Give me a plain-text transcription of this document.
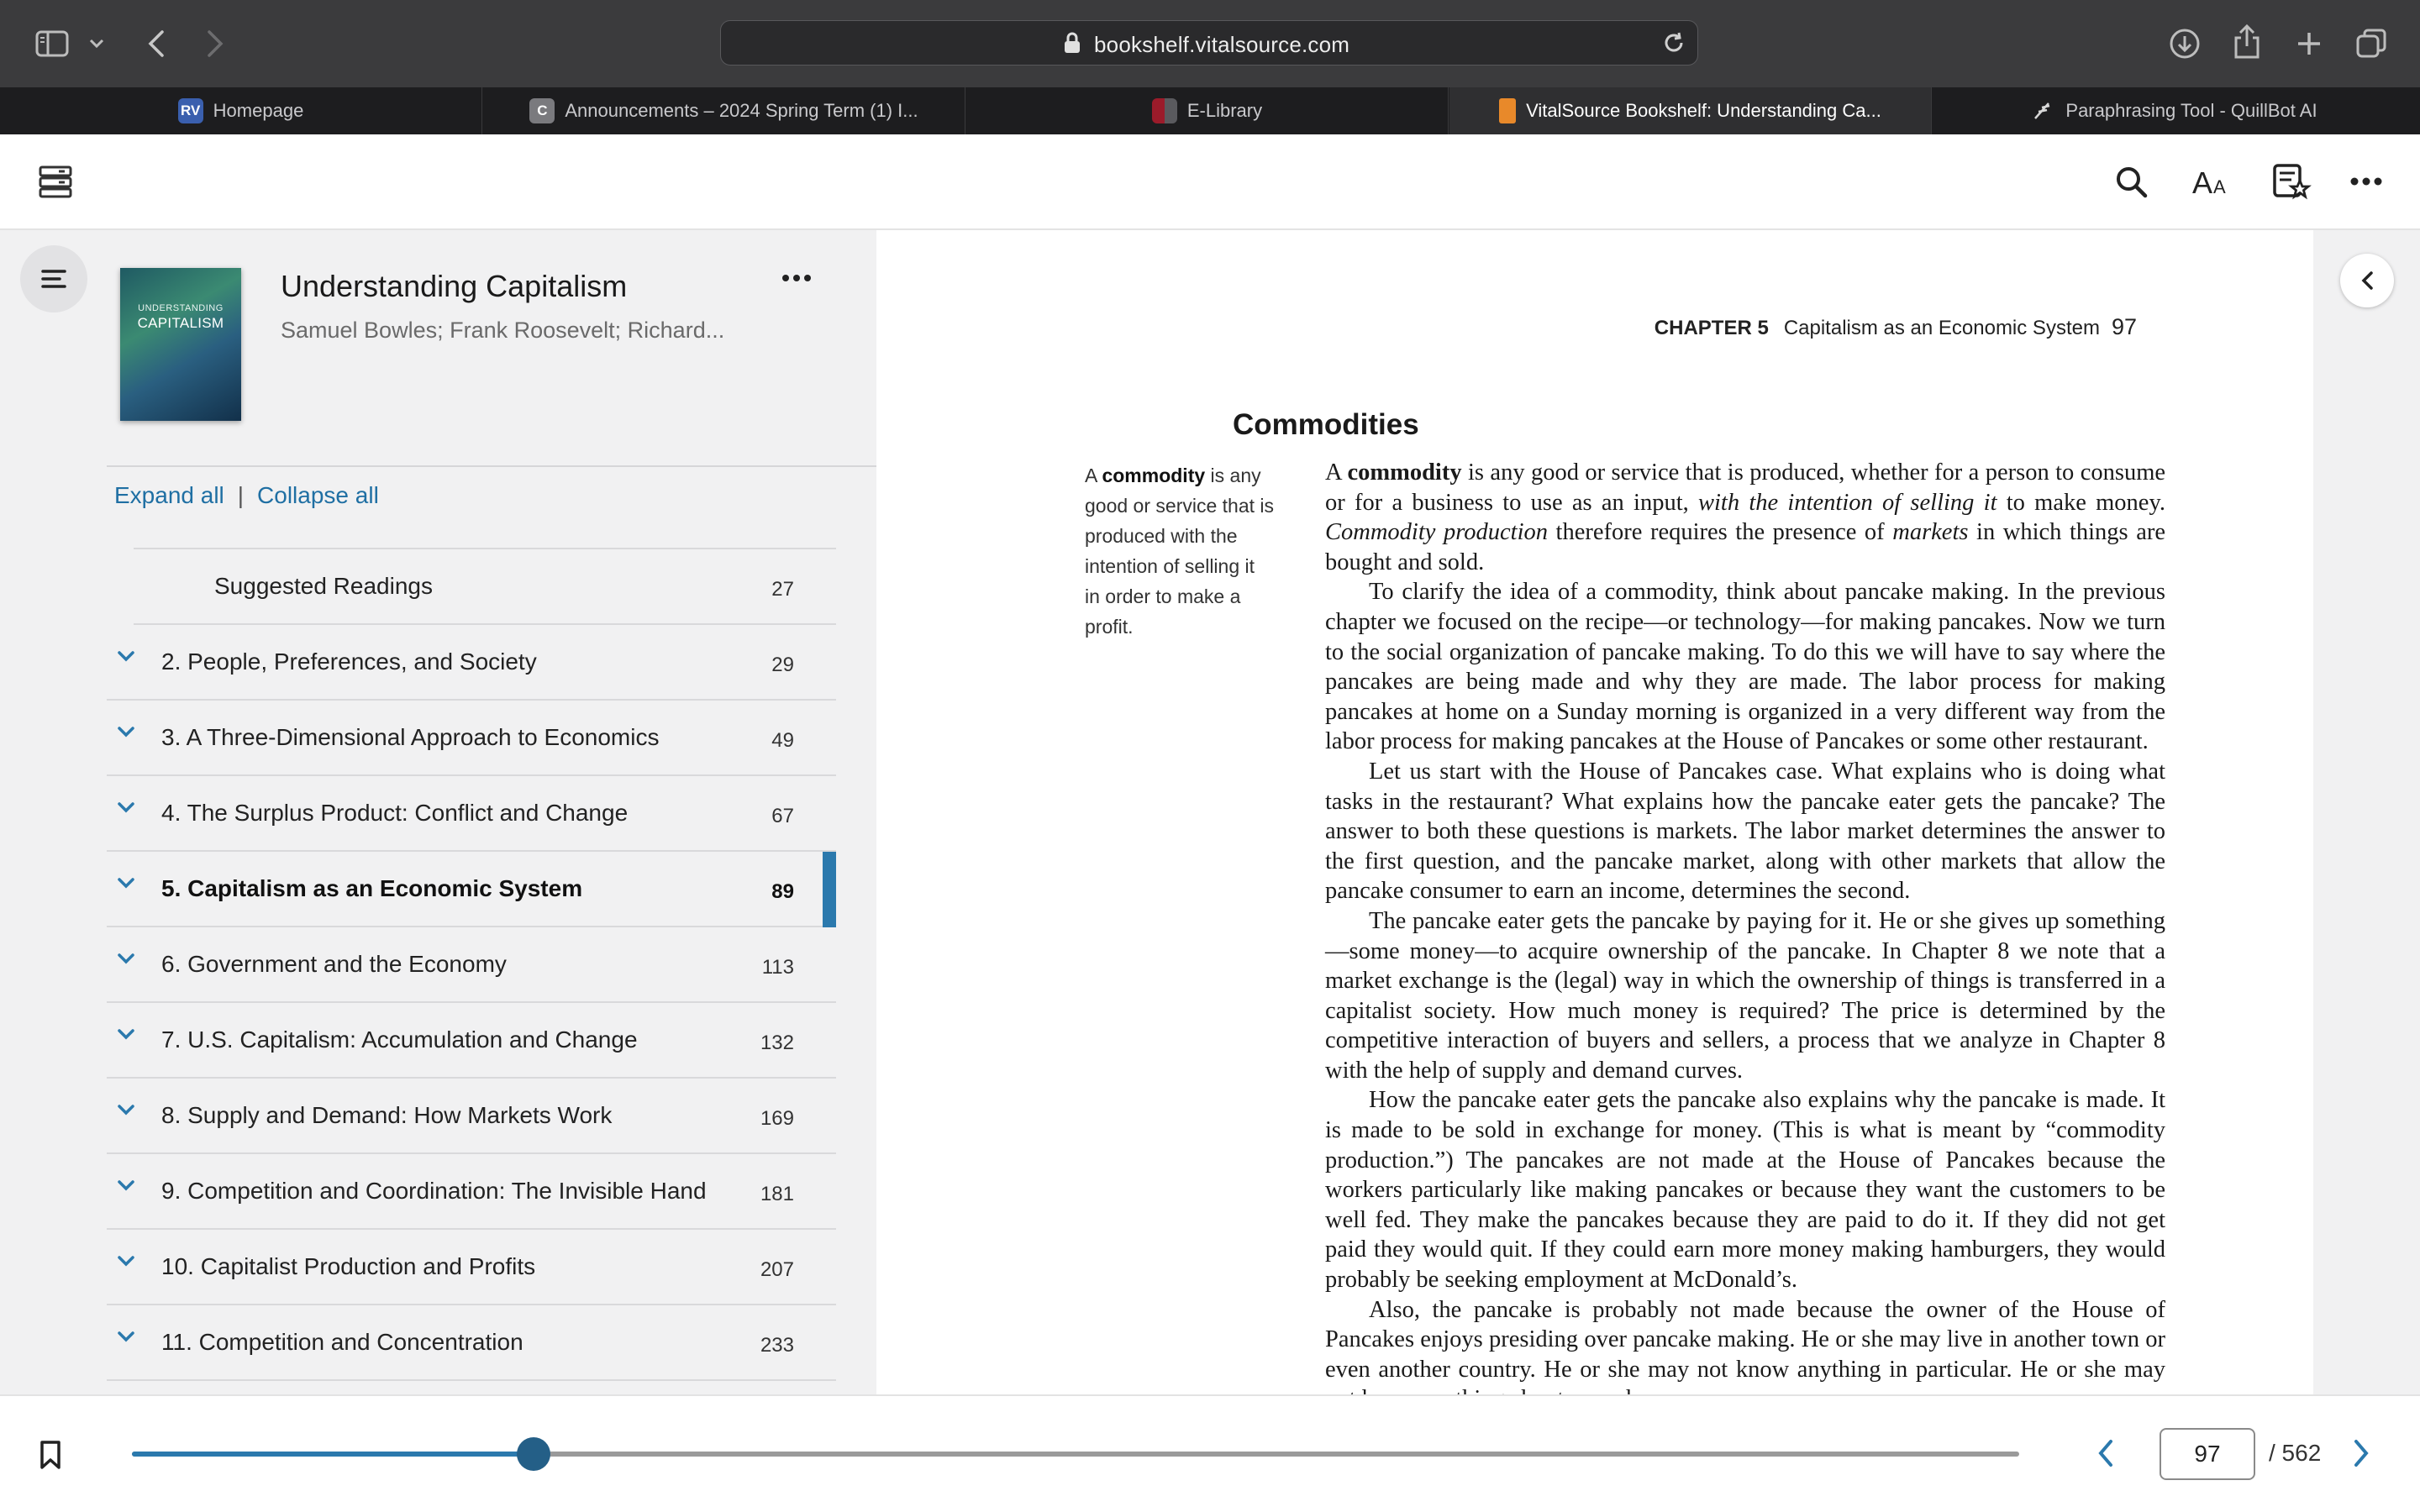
bookshelf.vitalsource.com
RV Homepage	C Announcements – 2024 Spring Term (1) I...	E-Library	VitalSource Bookshelf: Understanding Ca...	Paraphrasing Tool - QuillBot AI
A A
UNDERSTANDING
CAPITALISM
Understanding Capitalism
Samuel Bowles; Frank Roosevelt; Richard...
Expand all | Collapse all
Suggested Readings	27
2. People, Preferences, and Society	29
3. A Three-Dimensional Approach to Economics	49
4. The Surplus Product: Conflict and Change	67
5. Capitalism as an Economic System	89
6. Government and the Economy	113
7. U.S. Capitalism: Accumulation and Change	132
8. Supply and Demand: How Markets Work	169
9. Competition and Coordination: The Invisible Hand	181
10. Capitalist Production and Profits	207
11. Competition and Concentration	233
CHAPTER 5 Capitalism as an Economic System 97
Commodities
A commodity is any good or service that is produced with the intention of selling it in order to make a profit.

A commodity is any good or service that is produced, whether for a person to consume or for a business to use as an input, with the intention of selling it to make money. Commodity production therefore requires the presence of markets in which things are bought and sold.

To clarify the idea of a commodity, think about pancake making. In the previous chapter we focused on the recipe—or technology—for making pancakes. Now we turn to the social organization of pancake making. To do this we will have to say where the pancakes are being made and why they are made. The labor process for making pancakes at home on a Sunday morning is organized in a very different way from the labor process for making pancakes at the House of Pancakes or some other restaurant.

Let us start with the House of Pancakes case. What explains who is doing what tasks in the restaurant? What explains how the pancake eater gets the pancake? The answer to both these questions is markets. The labor market determines the answer to the first question, and the pancake market, along with other markets that allow the pancake consumer to earn an income, determines the second.

The pancake eater gets the pancake by paying for it. He or she gives up something—some money—to acquire ownership of the pancake. In Chapter 8 we note that a market exchange is the (legal) way in which the ownership of things is transferred in a capitalist society. How much money is required? The price is determined by the competitive interaction of buyers and sellers, a process that we analyze in Chapter 8 with the help of supply and demand curves.

How the pancake eater gets the pancake also explains why the pancake is made. It is made to be sold in exchange for money. (This is what is meant by “commodity production.”) The pancakes are not made at the House of Pancakes because the workers particularly like making pancakes or because they want the customers to be well fed. They make the pancakes because they are paid to do it. If they did not get paid they would quit. If they could earn more money making hamburgers, they would probably be seeking employment at McDonald’s.

Also, the pancake is probably not made because the owner of the House of Pancakes enjoys presiding over pancake making. He or she may live in another town or even another country. He or she may not know anything in particular. He or she may

97
/ 562
